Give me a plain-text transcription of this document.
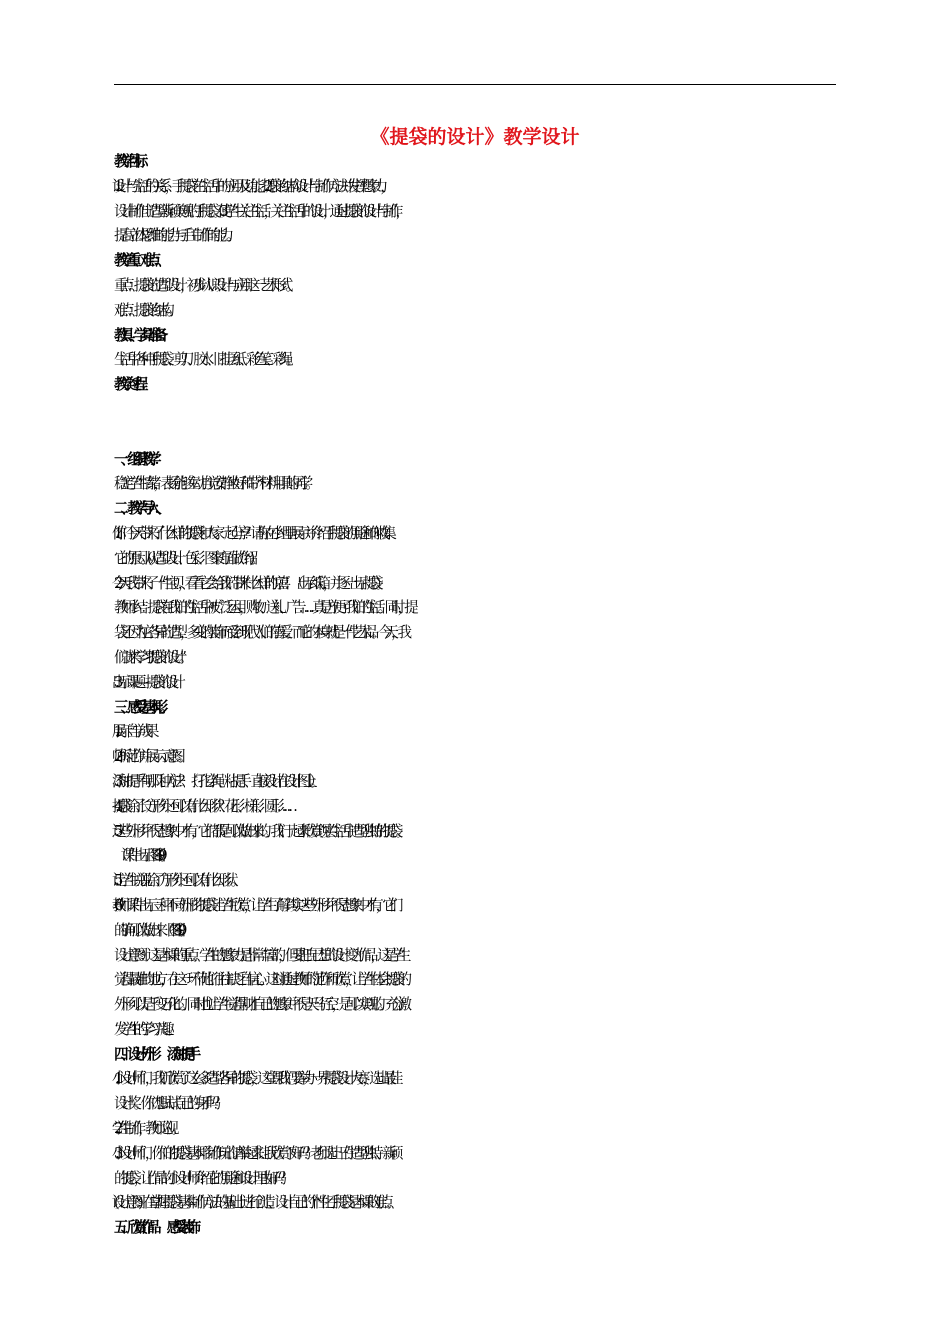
《提袋的设计》教学设计

教学目标：

1.设计与生活的关系，手提袋在生活中的应用及功能。2.提袋的结构设计与制作方法并发挥想象力，

设计制作出造型新颖美观的手提袋。3.使学生关注生活，关注生活中的设计，通过提袋的设计与制作，

提高立体思维的能力与手工制作的能力。

教学重、难点：

重点：提袋的造型设计，初步认识设计与应用这一艺术形式。

难点：提袋的结构。

教具、学具准备：

生活中各种手提袋、剪刀、胶水、旧挂历纸、彩色笔、彩绳。

教学过程：

一、组织教学：

稳定学生情绪，表扬能够主动自觉安静坐好和带齐材料用具的同学。

二、教学导入：

1.你们今天带来了什么样的提袋和大家一起分享？请你在小组里展示并介绍手提袋的用途和你收集

它的原因。(从造型设计、色彩、图案方面做介绍。)

2.今天我带来了一件宝贝，看看它会给我们带来什么样的惊喜！（出示纸箱，并逐一出示提袋。）

教师小结：提袋在我们的生活中被广泛运用，购物、送礼、广告……真是方便了我们的生活。同时，提

袋还因为它各异的造型，多变的装饰而受到现代人们的喜爱。而它的本身就是一件艺术品。今天，我

们就来学习“提袋的设计”。

3.出示课题—提袋的设计

三、感受基本形。

1.展示自学成果

2.师拆范作并展示示意图。

3.添加提手有哪几种方法？（打孔穿绳、粘提手、直接设计在设计图上。）

4.提袋除了长方形外还可以有什么形状？花形、梯形、圆形……

5.这些外形并不是想象中才有，它们都是可以做出来的。我们一起来欣赏现实生活中造型独特的提袋。

（课件出示图3-图9。）

5.让学生说说除了方形外还可以有什么形状。

6.教师课件出示三种不同外形的提袋让学生欣赏，让学生了解其实这些外形并不是想象中才有，它们

的确可以做出来（图3-图9）。

设计意图）：这是本课的重点。学生的想象力是非常丰富的，但要把自己想的设计变为作品，这是学生

觉得最难的地方，在这一环节他们往往缺乏自信心。这时通过教师的范作和欣赏，让学生体会提袋的

外形可以是千变万化的。同时也让学生觉得刚才自己的想象并不是天马行空，是可以实现的。充分激

发学生的学习兴趣。

四、设计外形　　添加提手

1.小设计师们，我们欣赏了这么多造型各异的提袋，这堂课我们要举办一界提袋设计大赛，选出最佳

设计奖。你们想试试自己的身手吗？

2.学生制作，教师巡视。

3.小设计师们，你们的提袋基本形制作玩的请举起来让我欣赏下好吗？老师选出三件造型独特、新颖

的提袋，让作品的小设计师介绍它的用途和设计理由好吗？

(设计意图)：在掌握提袋基本制作方法的基础上进行创造、设计自己的个性化手提袋是本课的难点。

五、欣赏作品　　感受装饰
